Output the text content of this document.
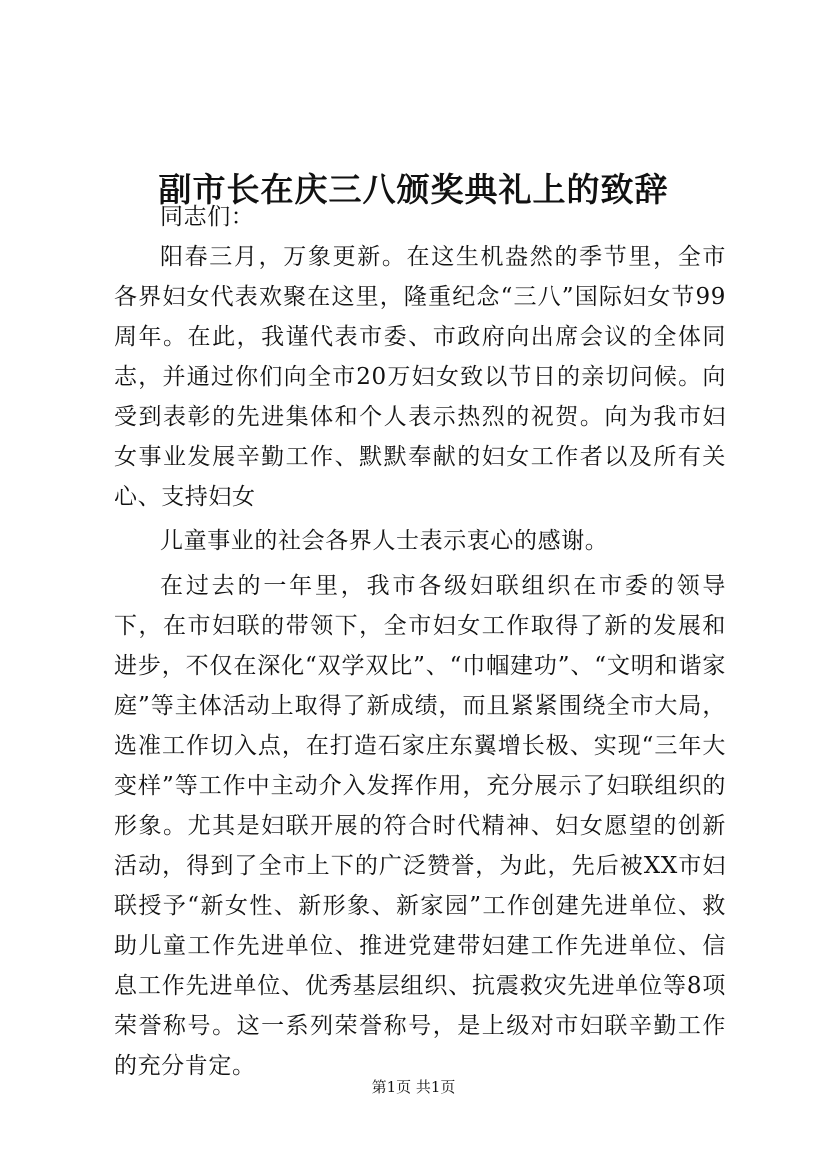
副市长在庆三八颁奖典礼上的致辞

同志们：

阳春三月，万象更新。在这生机盎然的季节里，全市各界妇女代表欢聚在这里，隆重纪念“三八”国际妇女节99周年。在此，我谨代表市委、市政府向出席会议的全体同志，并通过你们向全市20万妇女致以节日的亲切问候。向受到表彰的先进集体和个人表示热烈的祝贺。向为我市妇女事业发展辛勤工作、默默奉献的妇女工作者以及所有关心、支持妇女

儿童事业的社会各界人士表示衷心的感谢。

在过去的一年里，我市各级妇联组织在市委的领导下，在市妇联的带领下，全市妇女工作取得了新的发展和进步，不仅在深化“双学双比”、“巾帼建功”、“文明和谐家庭”等主体活动上取得了新成绩，而且紧紧围绕全市大局，选准工作切入点，在打造石家庄东翼增长极、实现“三年大变样”等工作中主动介入发挥作用，充分展示了妇联组织的形象。尤其是妇联开展的符合时代精神、妇女愿望的创新活动，得到了全市上下的广泛赞誉，为此，先后被XX市妇联授予“新女性、新形象、新家园”工作创建先进单位、救助儿童工作先进单位、推进党建带妇建工作先进单位、信息工作先进单位、优秀基层组织、抗震救灾先进单位等8项荣誉称号。这一系列荣誉称号，是上级对市妇联辛勤工作的充分肯定。

第1页 共1页
